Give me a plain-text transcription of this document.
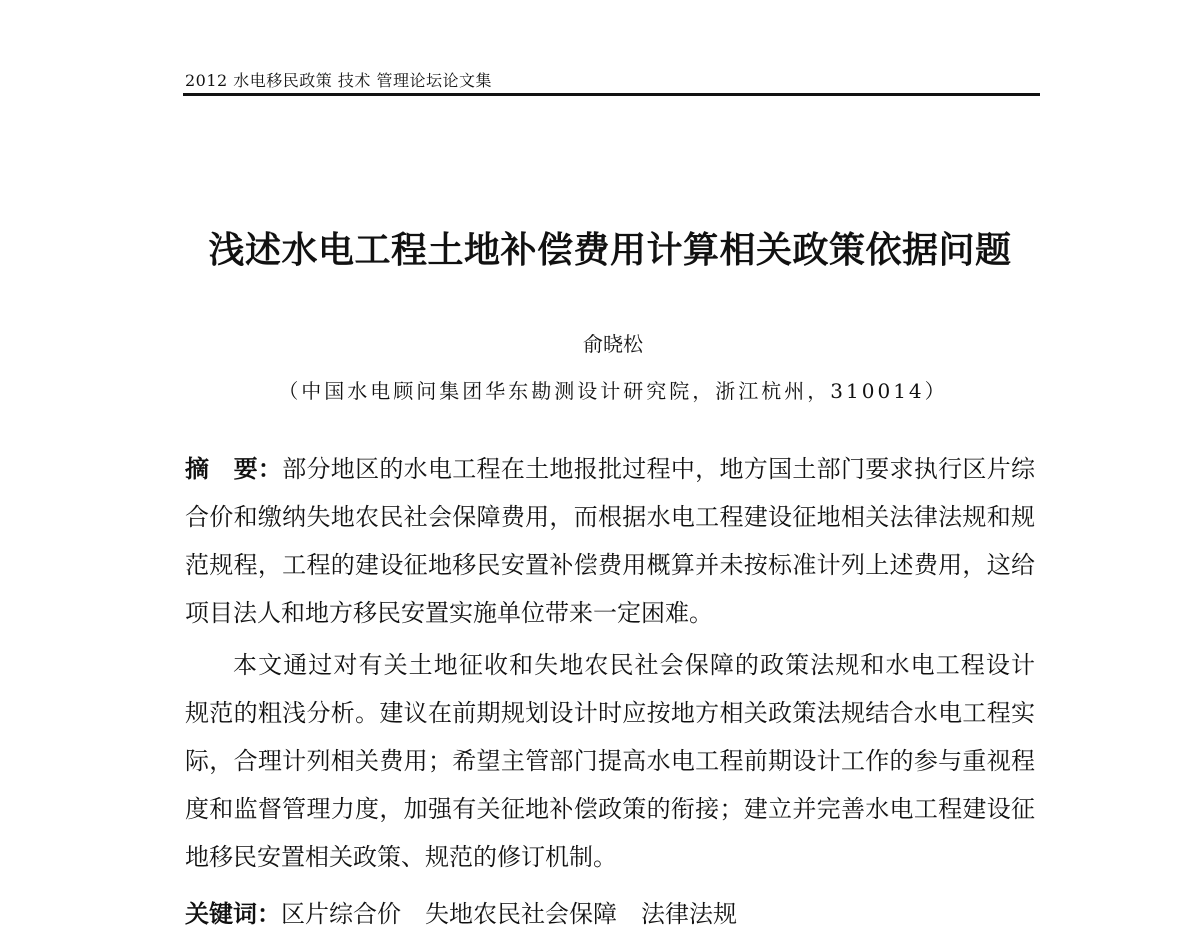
2012 水电移民政策 技术 管理论坛论文集
浅述水电工程土地补偿费用计算相关政策依据问题
俞晓松
（中国水电顾问集团华东勘测设计研究院，浙江杭州，310014）
摘　要：部分地区的水电工程在土地报批过程中，地方国土部门要求执行区片综
合价和缴纳失地农民社会保障费用，而根据水电工程建设征地相关法律法规和规
范规程，工程的建设征地移民安置补偿费用概算并未按标准计列上述费用，这给
项目法人和地方移民安置实施单位带来一定困难。
本文通过对有关土地征收和失地农民社会保障的政策法规和水电工程设计
规范的粗浅分析。建议在前期规划设计时应按地方相关政策法规结合水电工程实
际，合理计列相关费用；希望主管部门提高水电工程前期设计工作的参与重视程
度和监督管理力度，加强有关征地补偿政策的衔接；建立并完善水电工程建设征
地移民安置相关政策、规范的修订机制。
关键词：区片综合价 失地农民社会保障 法律法规
